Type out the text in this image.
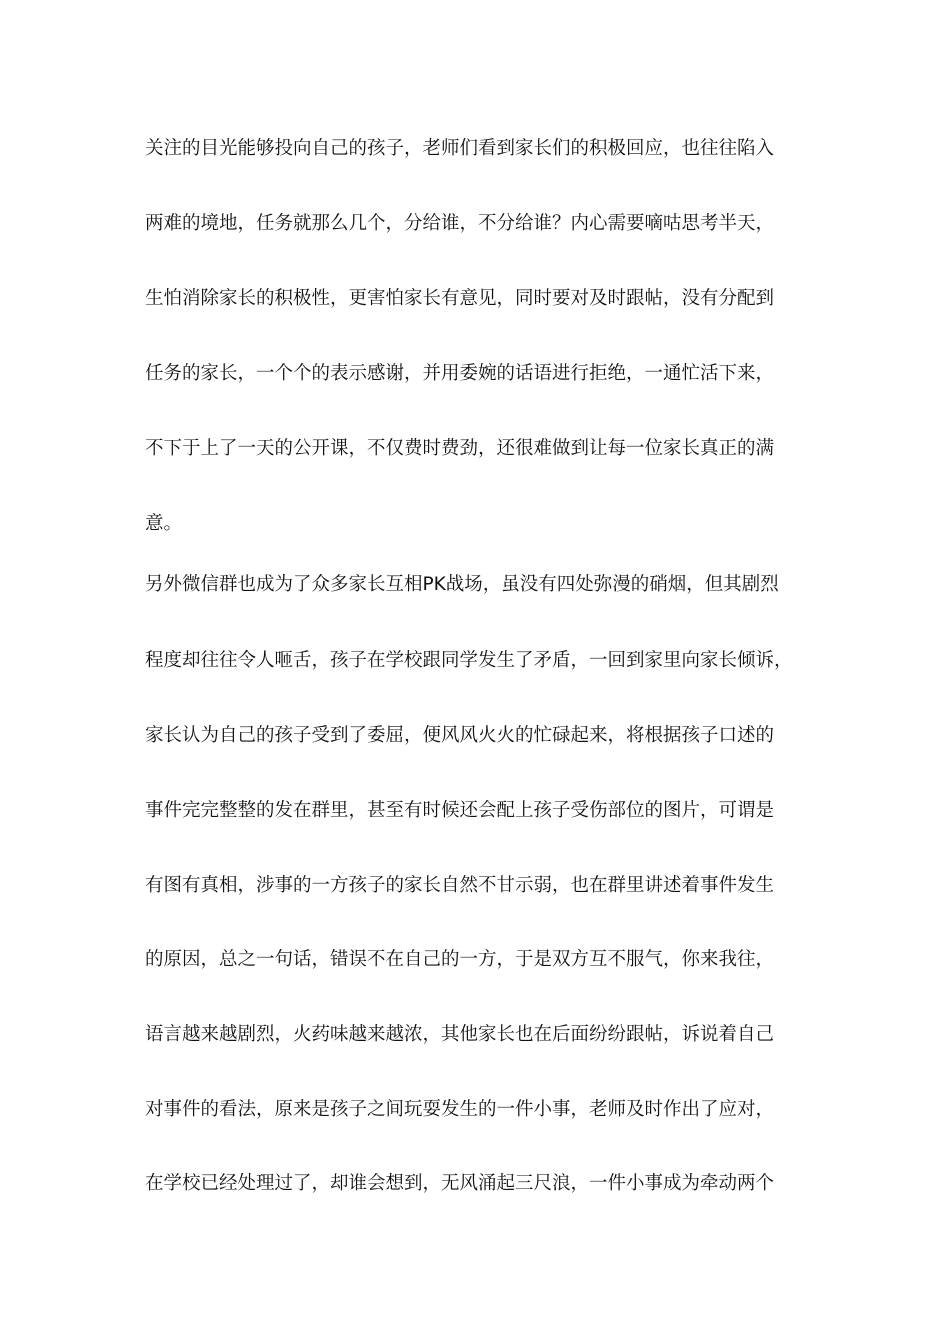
关注的目光能够投向自己的孩子，老师们看到家长们的积极回应，也往往陷入
两难的境地，任务就那么几个，分给谁，不分给谁？内心需要嘀咕思考半天，
生怕消除家长的积极性，更害怕家长有意见，同时要对及时跟帖，没有分配到
任务的家长，一个个的表示感谢，并用委婉的话语进行拒绝，一通忙活下来，
不下于上了一天的公开课，不仅费时费劲，还很难做到让每一位家长真正的满
意。
另外微信群也成为了众多家长互相PK战场，虽没有四处弥漫的硝烟，但其剧烈
程度却往往令人咂舌，孩子在学校跟同学发生了矛盾，一回到家里向家长倾诉，
家长认为自己的孩子受到了委屈，便风风火火的忙碌起来，将根据孩子口述的
事件完完整整的发在群里，甚至有时候还会配上孩子受伤部位的图片，可谓是
有图有真相，涉事的一方孩子的家长自然不甘示弱，也在群里讲述着事件发生
的原因，总之一句话，错误不在自己的一方，于是双方互不服气，你来我往，
语言越来越剧烈，火药味越来越浓，其他家长也在后面纷纷跟帖，诉说着自己
对事件的看法，原来是孩子之间玩耍发生的一件小事，老师及时作出了应对，
在学校已经处理过了，却谁会想到，无风涌起三尺浪，一件小事成为牵动两个
